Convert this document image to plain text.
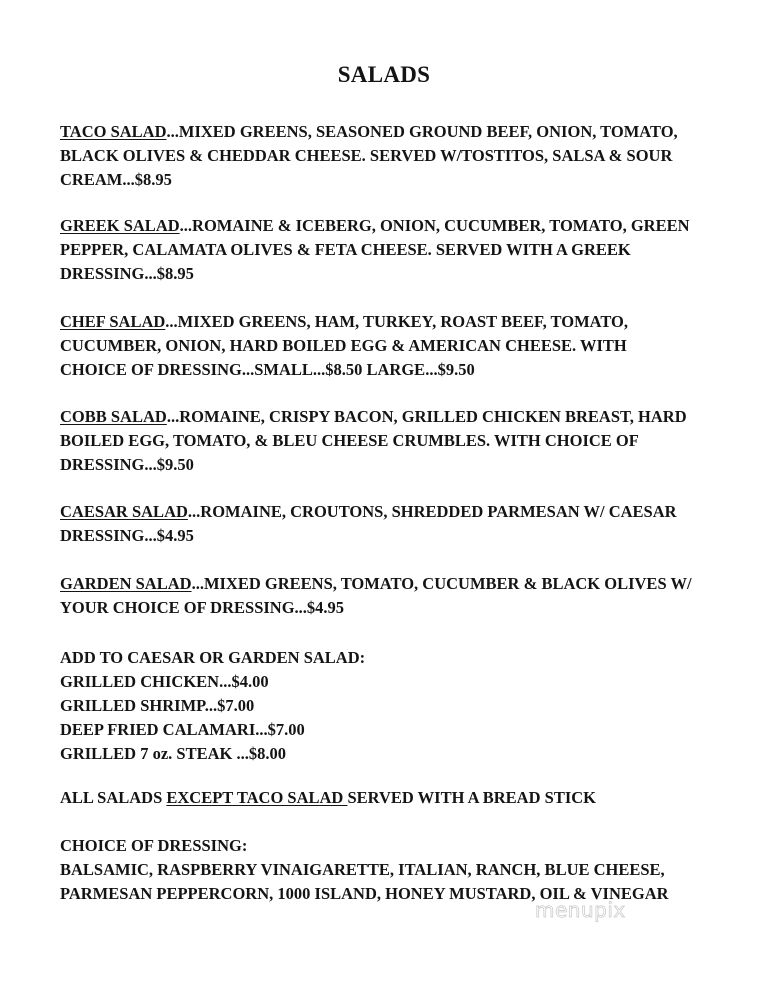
SALADS
TACO SALAD...MIXED GREENS, SEASONED GROUND BEEF, ONION, TOMATO,
BLACK OLIVES & CHEDDAR CHEESE. SERVED W/TOSTITOS, SALSA & SOUR
CREAM...$8.95
GREEK SALAD...ROMAINE & ICEBERG, ONION, CUCUMBER, TOMATO, GREEN
PEPPER, CALAMATA OLIVES & FETA CHEESE. SERVED WITH A GREEK
DRESSING...$8.95
CHEF SALAD...MIXED GREENS, HAM, TURKEY, ROAST BEEF, TOMATO,
CUCUMBER, ONION, HARD BOILED EGG & AMERICAN CHEESE. WITH
CHOICE OF DRESSING...SMALL...$8.50 LARGE...$9.50
COBB SALAD...ROMAINE, CRISPY BACON, GRILLED CHICKEN BREAST, HARD
BOILED EGG, TOMATO, & BLEU CHEESE CRUMBLES. WITH CHOICE OF
DRESSING...$9.50
CAESAR SALAD...ROMAINE, CROUTONS, SHREDDED PARMESAN W/ CAESAR
DRESSING...$4.95
GARDEN SALAD...MIXED GREENS, TOMATO, CUCUMBER & BLACK OLIVES W/
YOUR CHOICE OF DRESSING...$4.95
ADD TO CAESAR OR GARDEN SALAD:
GRILLED CHICKEN...$4.00
GRILLED SHRIMP...$7.00
DEEP FRIED CALAMARI...$7.00
GRILLED 7 oz. STEAK ...$8.00
ALL SALADS EXCEPT TACO SALAD SERVED WITH A BREAD STICK
CHOICE OF DRESSING:
BALSAMIC, RASPBERRY VINAIGARETTE, ITALIAN, RANCH, BLUE CHEESE,
PARMESAN PEPPERCORN, 1000 ISLAND, HONEY MUSTARD, OIL & VINEGAR
menupix
